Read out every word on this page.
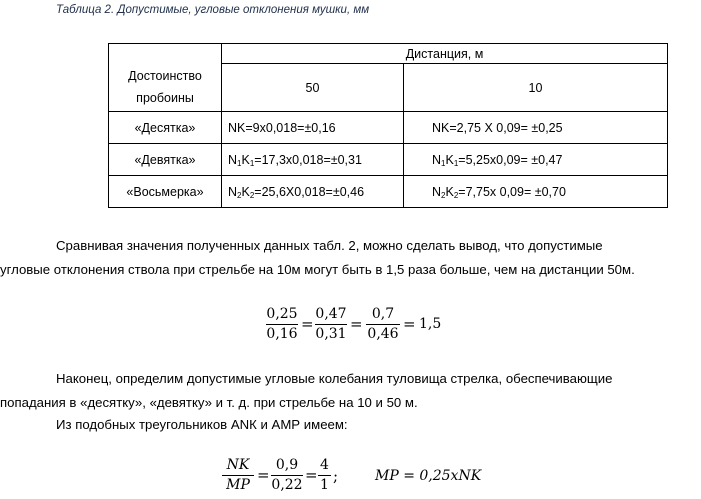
Таблица 2. Допустимые, угловые отклонения мушки, мм
	Дистанция, м	
Достоинство
пробоины	50	10
«Десятка»	NK=9x0,018=±0,16	NK=2,75 X 0,09= ±0,25
«Девятка»	$N_1K_1=17,3x0,018=\pm 0,31$	$N_1K_1=5,25x0,09= \pm 0,47$
«Восьмерка»	$N_2K_2=25,6X0,018=\pm 0,46$	$N_2K_2=7,75x$ 0,09= ±0,70
Сравнивая значения полученных данных табл. 2, можно сделать вывод, что допустимые
угловые отклонения ствола при стрельбе на 10м могут быть в 1,5 раза больше, чем на дистанции 50м.
0,25
0,16
=
0,47
0,31
=
0,7
0,46
= 1,5
Наконец, определим допустимые угловые колебания туловища стрелка, обеспечивающие
попадания в «десятку», «девятку» и т. д. при стрельбе на 10 и 50 м.
Из подобных треугольников АNК и АМР имеем:
NK
MP
=
0,9
0,22
=
4
1 ;	MP = 0,25xNK
